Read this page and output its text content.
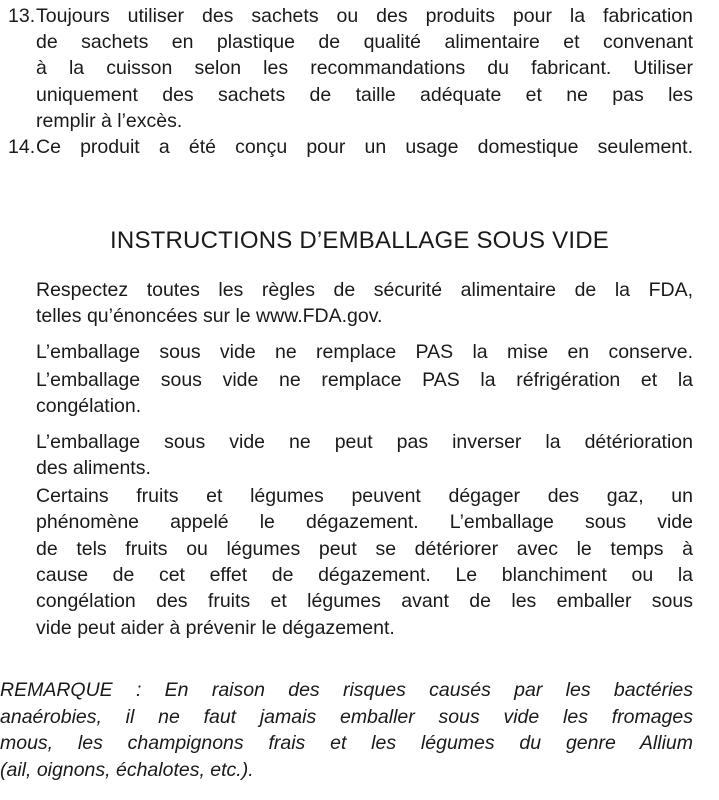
INSTRUCTIONS D’EMBALLAGE SOUS VIDE
13. Toujours utiliser des sachets ou des produits pour la fabrication
de sachets en plastique de qualité alimentaire et convenant
à la cuisson selon les recommandations du fabricant. Utiliser
uniquement des sachets de taille adéquate et ne pas les
remplir à l’excès.
14. Ce produit a été conçu pour un usage domestique seulement.
Respectez toutes les règles de sécurité alimentaire de la FDA,
telles qu’énoncées sur le www.FDA.gov.
L’emballage sous vide ne remplace PAS la mise en conserve.
L’emballage sous vide ne remplace PAS la réfrigération et la
congélation.
L’emballage sous vide ne peut pas inverser la détérioration
des aliments.
Certains fruits et légumes peuvent dégager des gaz, un
phénomène appelé le dégazement. L’emballage sous vide
de tels fruits ou légumes peut se détériorer avec le temps à
cause de cet effet de dégazement. Le blanchiment ou la
congélation des fruits et légumes avant de les emballer sous
vide peut aider à prévenir le dégazement.
REMARQUE : En raison des risques causés par les bactéries
anaérobies, il ne faut jamais emballer sous vide les fromages
mous, les champignons frais et les légumes du genre Allium
(ail, oignons, échalotes, etc.).
